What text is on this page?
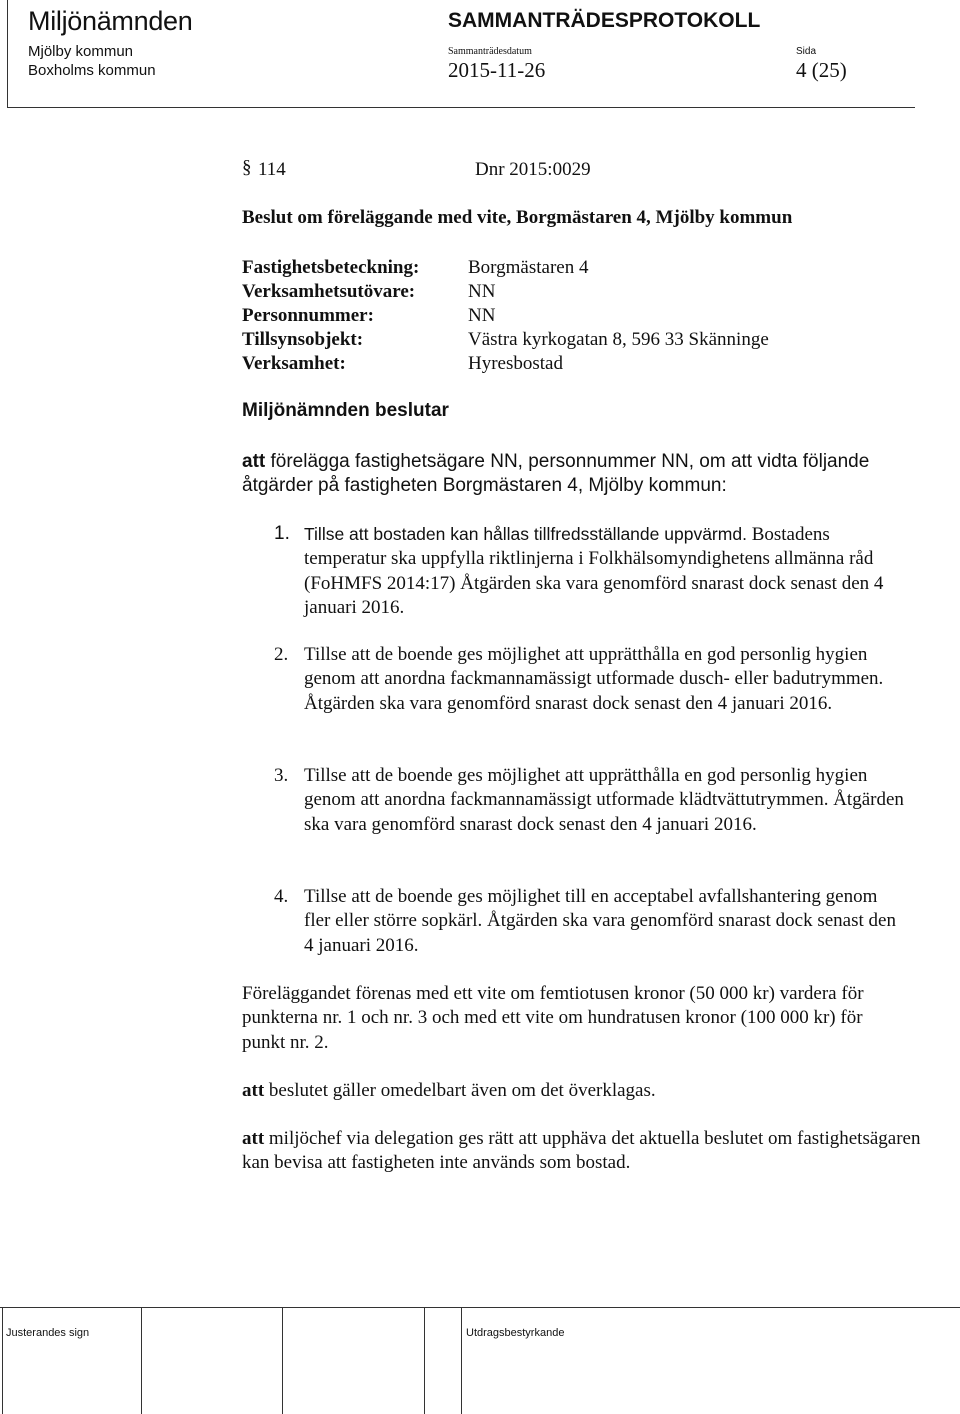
Miljönämnden	SAMMANTRÄDESPROTOKOLL
Mjölby kommun
Boxholms kommun
Sammanträdesdatum
2015-11-26
Sida
4 (25)
§ 114	Dnr 2015:0029
Beslut om föreläggande med vite, Borgmästaren 4, Mjölby kommun
Fastighetsbeteckning:	Borgmästaren 4
Verksamhetsutövare:	NN
Personnummer:	NN
Tillsynsobjekt:	Västra kyrkogatan 8, 596 33 Skänninge
Verksamhet:	Hyresbostad
Miljönämnden beslutar
att förelägga fastighetsägare NN, personnummer NN, om att vidta följande åtgärder på fastigheten Borgmästaren 4, Mjölby kommun:
1. Tillse att bostaden kan hållas tillfredsställande uppvärmd. Bostadens temperatur ska uppfylla riktlinjerna i Folkhälsomyndighetens allmänna råd (FoHMFS 2014:17) Åtgärden ska vara genomförd snarast dock senast den 4 januari 2016.
2. Tillse att de boende ges möjlighet att upprätthålla en god personlig hygien genom att anordna fackmannamässigt utformade dusch- eller badutrymmen. Åtgärden ska vara genomförd snarast dock senast den 4 januari 2016.
3. Tillse att de boende ges möjlighet att upprätthålla en god personlig hygien genom att anordna fackmannamässigt utformade klädtvättutrymmen. Åtgärden ska vara genomförd snarast dock senast den 4 januari 2016.
4. Tillse att de boende ges möjlighet till en acceptabel avfallshantering genom fler eller större sopkärl. Åtgärden ska vara genomförd snarast dock senast den 4 januari 2016.
Föreläggandet förenas med ett vite om femtiotusen kronor (50 000 kr) vardera för punkterna nr. 1 och nr. 3 och med ett vite om hundratusen kronor (100 000 kr) för punkt nr. 2.
att beslutet gäller omedelbart även om det överklagas.
att miljöchef via delegation ges rätt att upphäva det aktuella beslutet om fastighetsägaren kan bevisa att fastigheten inte används som bostad.
Justerandes sign	Utdragsbestyrkande
